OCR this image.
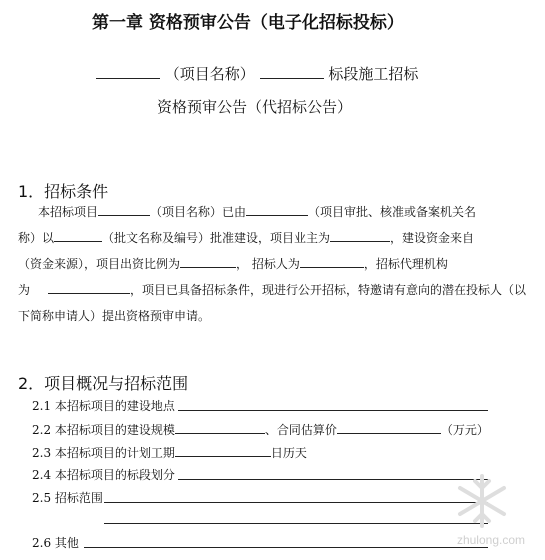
第一章 资格预审公告（电子化招标投标）
（项目名称）	标段施工招标
资格预审公告（代招标公告）
1．招标条件
本招标项目	（项目名称）已由	（项目审批、核准或备案机关名
称）以	（批文名称及编号）批准建设，项目业主为	，建设资金来自
（资金来源），项目出资比例为	， 招标人为	，招标代理机构
为	，项目已具备招标条件，现进行公开招标，特邀请有意向的潜在投标人（以
下简称申请人）提出资格预审申请。
2．项目概况与招标范围
2.1 本招标项目的建设地点
2.2 本招标项目的建设规模	、合同估算价	（万元）
2.3 本招标项目的计划工期	日历天
2.4 本招标项目的标段划分
2.5 招标范围
2.6 其他	zhulong.com
